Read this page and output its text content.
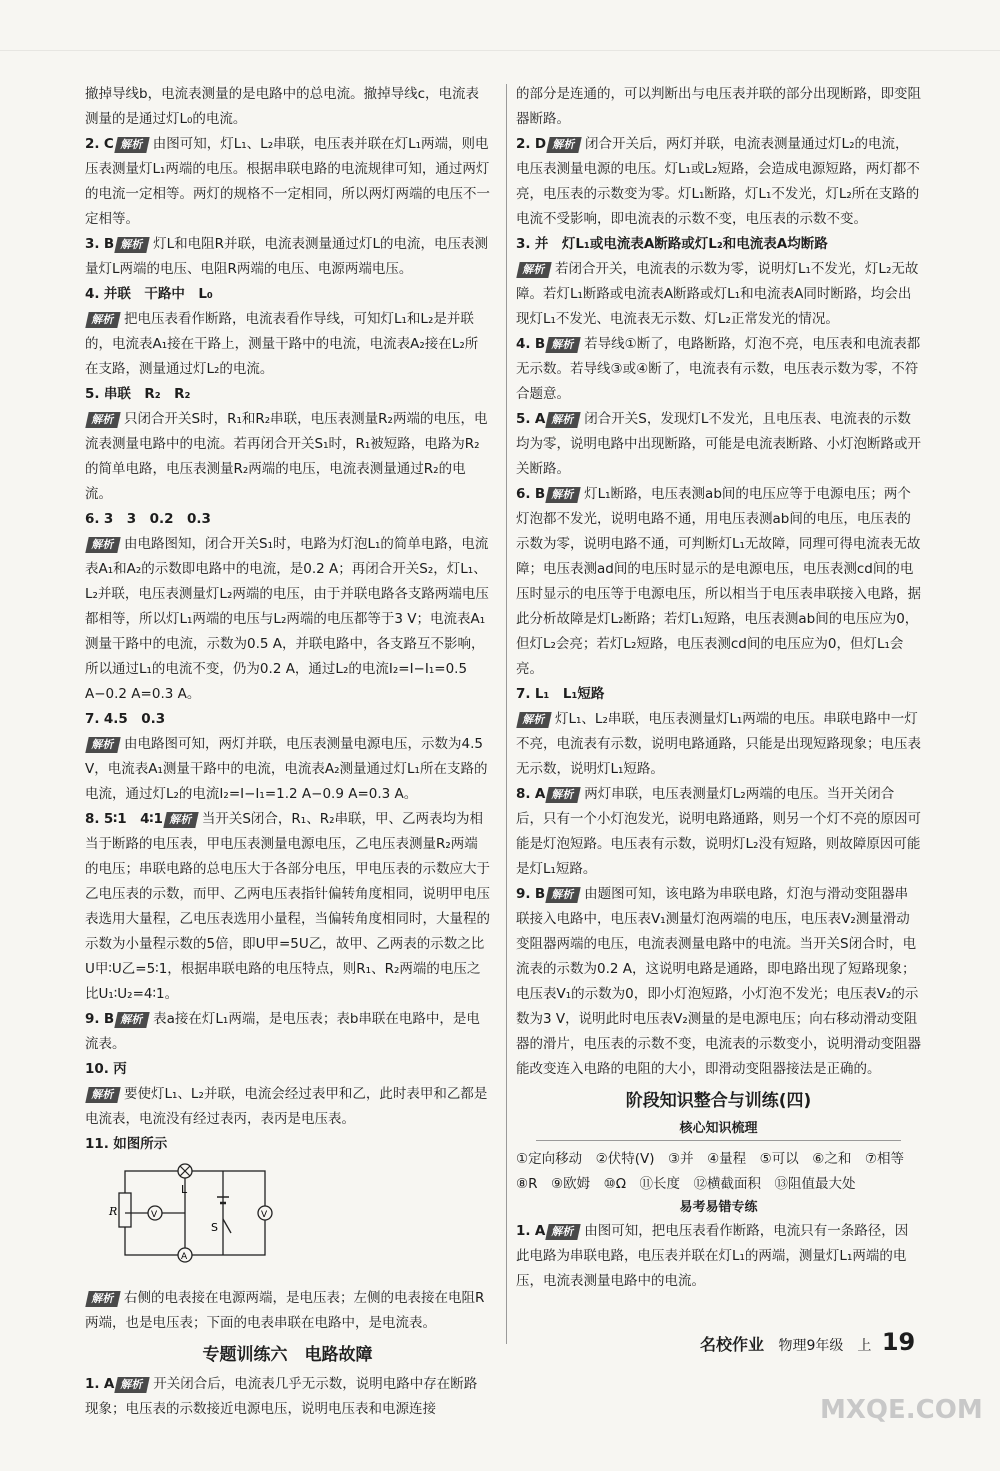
撤掉导线b，电流表测量的是电路中的总电流。撤掉导线c，电流表测量的是通过灯L₀的电流。

2. C 解析 由图可知，灯L₁、L₂串联，电压表并联在灯L₁两端，则电压表测量灯L₁两端的电压。根据串联电路的电流规律可知，通过两灯的电流一定相等。两灯的规格不一定相同，所以两灯两端的电压不一定相等。

3. B 解析 灯L和电阻R并联，电流表测量通过灯L的电流，电压表测量灯L两端的电压、电阻R两端的电压、电源两端电压。

4. 并联　干路中　L₀

解析 把电压表看作断路，电流表看作导线，可知灯L₁和L₂是并联的，电流表A₁接在干路上，测量干路中的电流，电流表A₂接在L₂所在支路，测量通过灯L₂的电流。

5. 串联　R₂　R₂

解析 只闭合开关S时，R₁和R₂串联，电压表测量R₂两端的电压，电流表测量电路中的电流。若再闭合开关S₁时，R₁被短路，电路为R₂的简单电路，电压表测量R₂两端的电压，电流表测量通过R₂的电流。

6. 3　3　0.2　0.3

解析 由电路图知，闭合开关S₁时，电路为灯泡L₁的简单电路，电流表A₁和A₂的示数即电路中的电流，是0.2 A；再闭合开关S₂，灯L₁、L₂并联，电压表测量灯L₂两端的电压，由于并联电路各支路两端电压都相等，所以灯L₁两端的电压与L₂两端的电压都等于3 V；电流表A₁测量干路中的电流，示数为0.5 A，并联电路中，各支路互不影响，所以通过L₁的电流不变，仍为0.2 A，通过L₂的电流I₂=I−I₁=0.5 A−0.2 A=0.3 A。

7. 4.5　0.3

解析 由电路图可知，两灯并联，电压表测量电源电压，示数为4.5 V，电流表A₁测量干路中的电流，电流表A₂测量通过灯L₁所在支路的电流，通过灯L₂的电流I₂=I−I₁=1.2 A−0.9 A=0.3 A。

8. 5∶1　4∶1 解析 当开关S闭合，R₁、R₂串联，甲、乙两表均为相当于断路的电压表，甲电压表测量电源电压，乙电压表测量R₂两端的电压；串联电路的总电压大于各部分电压，甲电压表的示数应大于乙电压表的示数，而甲、乙两电压表指针偏转角度相同，说明甲电压表选用大量程，乙电压表选用小量程，当偏转角度相同时，大量程的示数为小量程示数的5倍，即U甲=5U乙，故甲、乙两表的示数之比U甲∶U乙=5∶1，根据串联电路的电压特点，则R₁、R₂两端的电压之比U₁∶U₂=4∶1。

9. B 解析 表a接在灯L₁两端，是电压表；表b串联在电路中，是电流表。

10. 丙

解析 要使灯L₁、L₂并联，电流会经过表甲和乙，此时表甲和乙都是电流表，电流没有经过表丙，表丙是电压表。

11. 如图所示

R	V
L
S
V
A

解析 右侧的电表接在电源两端，是电压表；左侧的电表接在电阻R两端，也是电压表；下面的电表串联在电路中，是电流表。

专题训练六　电路故障

1. A 解析 开关闭合后，电流表几乎无示数，说明电路中存在断路现象；电压表的示数接近电源电压，说明电压表和电源连接

的部分是连通的，可以判断出与电压表并联的部分出现断路，即变阻器断路。

2. D 解析 闭合开关后，两灯并联，电流表测量通过灯L₂的电流，电压表测量电源的电压。灯L₁或L₂短路，会造成电源短路，两灯都不亮，电压表的示数变为零。灯L₁断路，灯L₁不发光，灯L₂所在支路的电流不受影响，即电流表的示数不变，电压表的示数不变。

3. 并　灯L₁或电流表A断路或灯L₂和电流表A均断路

解析 若闭合开关，电流表的示数为零，说明灯L₁不发光，灯L₂无故障。若灯L₁断路或电流表A断路或灯L₁和电流表A同时断路，均会出现灯L₁不发光、电流表无示数、灯L₂正常发光的情况。

4. B 解析 若导线①断了，电路断路，灯泡不亮，电压表和电流表都无示数。若导线③或④断了，电流表有示数，电压表示数为零，不符合题意。

5. A 解析 闭合开关S，发现灯L不发光，且电压表、电流表的示数均为零，说明电路中出现断路，可能是电流表断路、小灯泡断路或开关断路。

6. B 解析 灯L₁断路，电压表测ab间的电压应等于电源电压；两个灯泡都不发光，说明电路不通，用电压表测ab间的电压，电压表的示数为零，说明电路不通，可判断灯L₁无故障，同理可得电流表无故障；电压表测ad间的电压时显示的是电源电压，电压表测cd间的电压时显示的电压等于电源电压，所以相当于电压表串联接入电路，据此分析故障是灯L₂断路；若灯L₁短路，电压表测ab间的电压应为0，但灯L₂会亮；若灯L₂短路，电压表测cd间的电压应为0，但灯L₁会亮。

7. L₁　L₁短路

解析 灯L₁、L₂串联，电压表测量灯L₁两端的电压。串联电路中一灯不亮，电流表有示数，说明电路通路，只能是出现短路现象；电压表无示数，说明灯L₁短路。

8. A 解析 两灯串联，电压表测量灯L₂两端的电压。当开关闭合后，只有一个小灯泡发光，说明电路通路，则另一个灯不亮的原因可能是灯泡短路。电压表有示数，说明灯L₂没有短路，则故障原因可能是灯L₁短路。

9. B 解析 由题图可知，该电路为串联电路，灯泡与滑动变阻器串联接入电路中，电压表V₁测量灯泡两端的电压，电压表V₂测量滑动变阻器两端的电压，电流表测量电路中的电流。当开关S闭合时，电流表的示数为0.2 A，这说明电路是通路，即电路出现了短路现象；电压表V₁的示数为0，即小灯泡短路，小灯泡不发光；电压表V₂的示数为3 V，说明此时电压表V₂测量的是电源电压；向右移动滑动变阻器的滑片，电压表的示数不变，电流表的示数变小，说明滑动变阻器能改变连入电路的电阻的大小，即滑动变阻器接法是正确的。

阶段知识整合与训练(四)
核心知识梳理

①定向移动　②伏特(V)　③并　④量程　⑤可以　⑥之和　⑦相等　⑧R　⑨欧姆　⑩Ω　⑪长度　⑫横截面积　⑬阻值最大处

易考易错专练

1. A 解析 由图可知，把电压表看作断路，电流只有一条路径，因此电路为串联电路，电压表并联在灯L₁的两端，测量灯L₁两端的电压，电流表测量电路中的电流。

名校作业 物理9年级　上 19
MXQE.COM
